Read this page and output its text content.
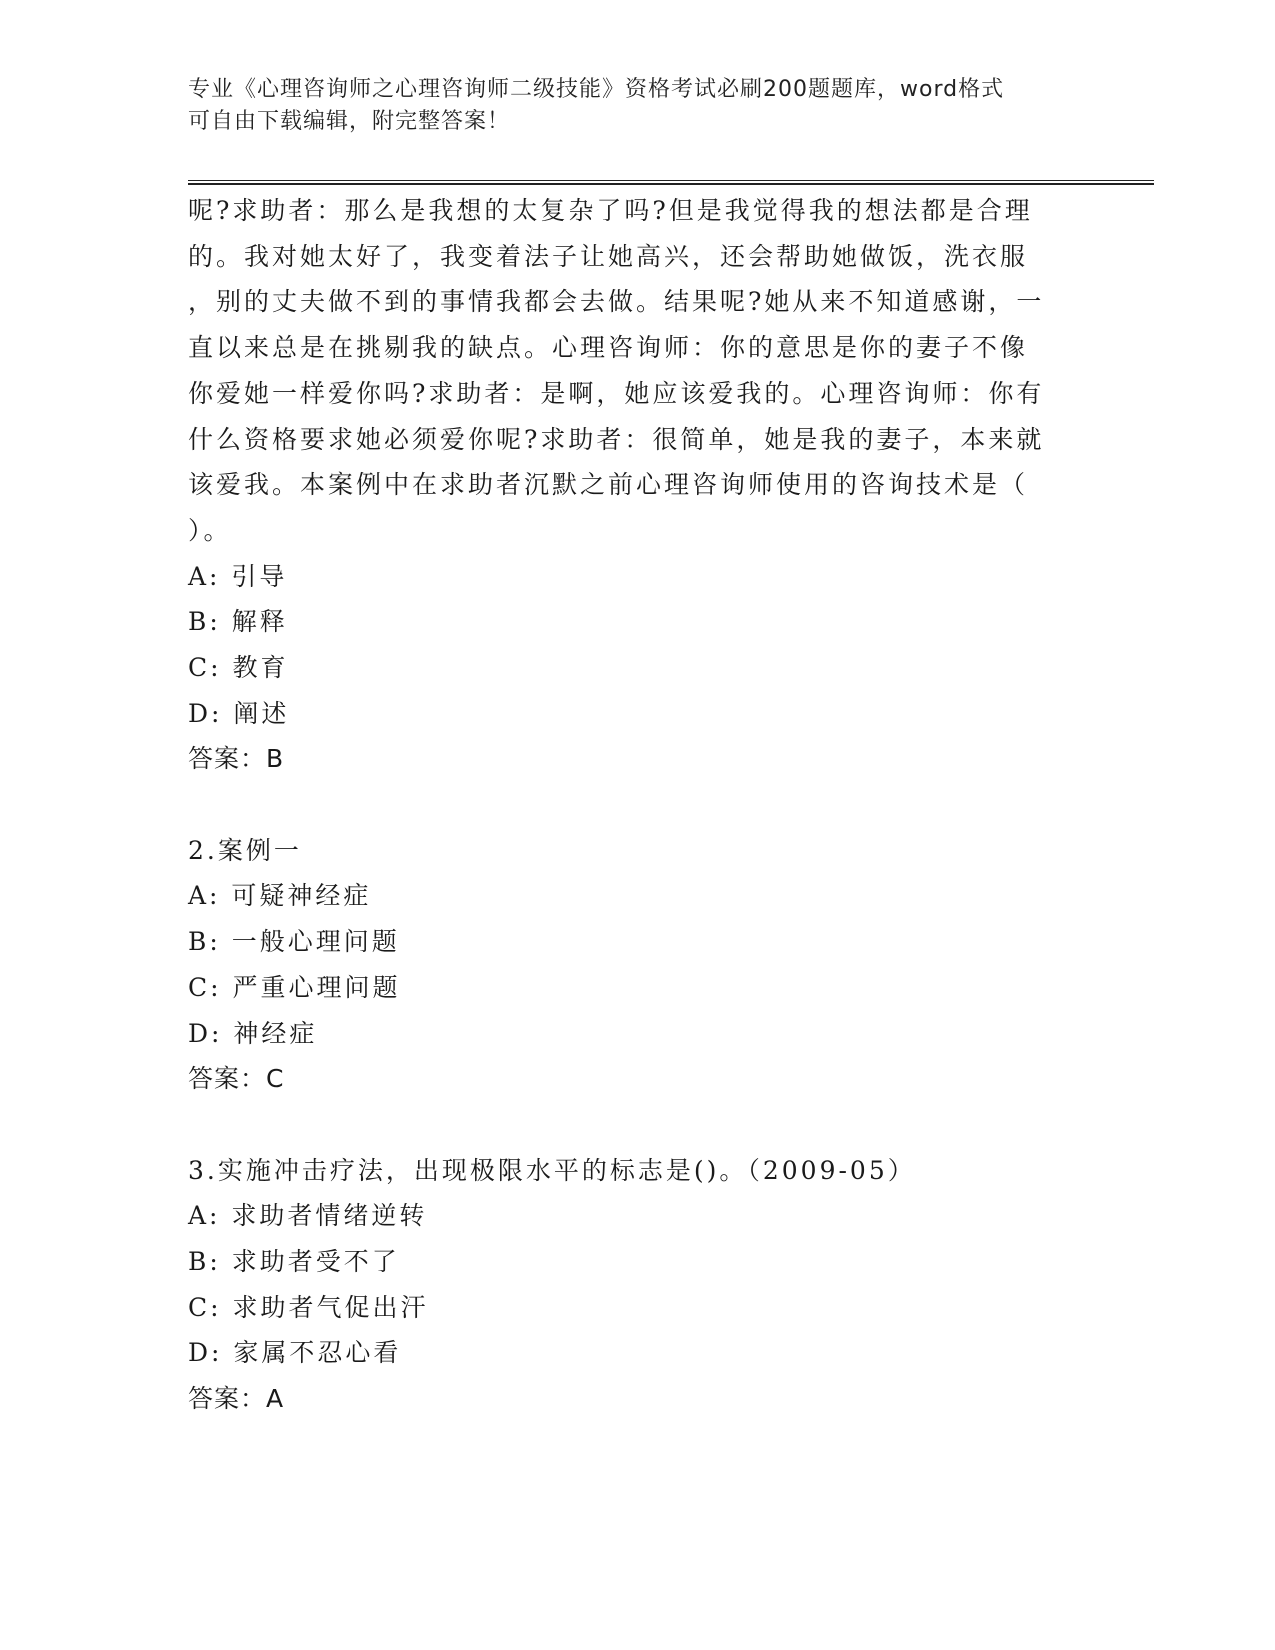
专业《心理咨询师之心理咨询师二级技能》资格考试必刷200题题库，word格式
可自由下载编辑，附完整答案！
呢?求助者：那么是我想的太复杂了吗?但是我觉得我的想法都是合理
的。我对她太好了，我变着法子让她高兴，还会帮助她做饭，洗衣服
，别的丈夫做不到的事情我都会去做。结果呢?她从来不知道感谢，一
直以来总是在挑剔我的缺点。心理咨询师：你的意思是你的妻子不像
你爱她一样爱你吗?求助者：是啊，她应该爱我的。心理咨询师：你有
什么资格要求她必须爱你呢?求助者：很简单，她是我的妻子，本来就
该爱我。本案例中在求助者沉默之前心理咨询师使用的咨询技术是（
）。
A: 引导
B: 解释
C: 教育
D: 阐述
答案：B
2.案例一
A: 可疑神经症
B: 一般心理问题
C: 严重心理问题
D: 神经症
答案：C
3.实施冲击疗法，出现极限水平的标志是()。（2009-05）
A: 求助者情绪逆转
B: 求助者受不了
C: 求助者气促出汗
D: 家属不忍心看
答案：A
